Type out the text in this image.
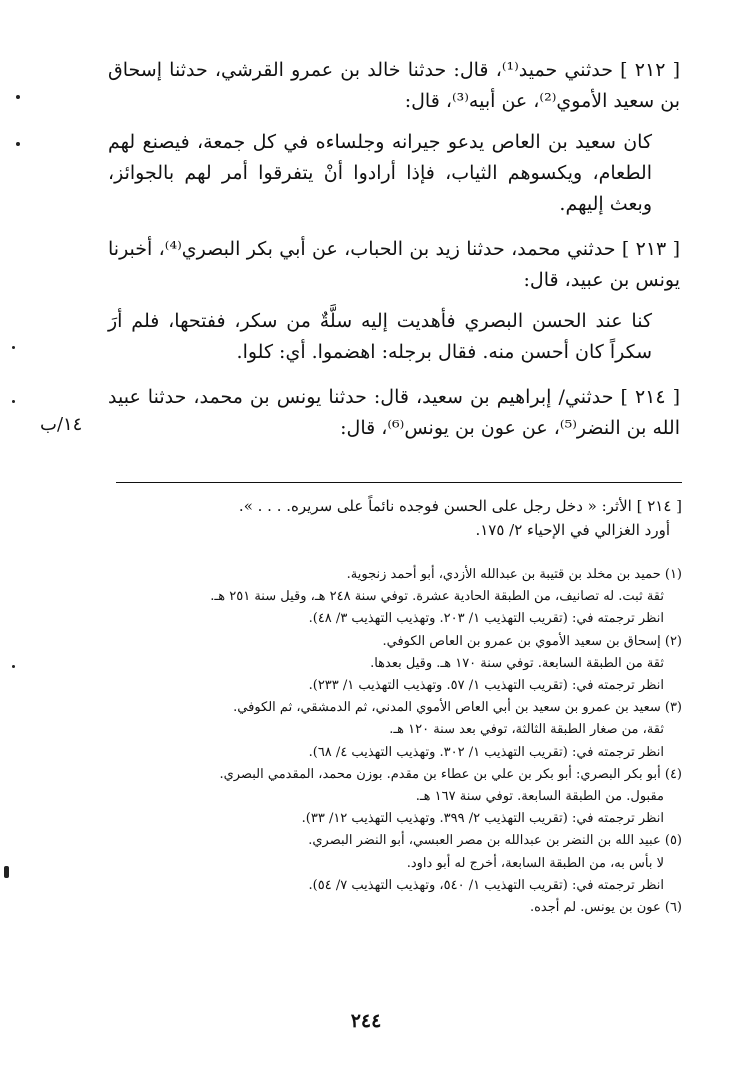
[ ٢١٢ ] حدثني حميد⁽¹⁾، قال: حدثنا خالد بن عمرو القرشي، حدثنا إسحاق بن سعيد الأموي⁽²⁾، عن أبيه⁽³⁾، قال:

كان سعيد بن العاص يدعو جيرانه وجلساءه في كل جمعة، فيصنع لهم الطعام، ويكسوهم الثياب، فإذا أرادوا أنْ يتفرقوا أمر لهم بالجوائز، وبعث إليهم.

[ ٢١٣ ] حدثني محمد، حدثنا زيد بن الحباب، عن أبي بكر البصري⁽⁴⁾، أخبرنا يونس بن عبيد، قال:

كنا عند الحسن البصري فأهديت إليه سلَّةٌ من سكر، ففتحها، فلم أرَ سكراً كان أحسن منه. فقال برجله: اهضموا. أي: كلوا.

[ ٢١٤ ] حدثني/ إبراهيم بن سعيد، قال: حدثنا يونس بن محمد، حدثنا عبيد الله بن النضر⁽⁵⁾، عن عون بن يونس⁽⁶⁾، قال:

١٤/ب
[ ٢١٤ ] الأثر: « دخل رجل على الحسن فوجده نائماً على سريره. . . . ».
أورد الغزالي في الإحياء ٢/ ١٧٥.
(١) حميد بن مخلد بن قتيبة بن عبدالله الأزدي، أبو أحمد زنجوية.
ثقة ثبت. له تصانيف، من الطبقة الحادية عشرة. توفي سنة ٢٤٨ هـ، وقيل سنة ٢٥١ هـ.
انظر ترجمته في: (تقريب التهذيب ١/ ٢٠٣. وتهذيب التهذيب ٣/ ٤٨).
(٢) إسحاق بن سعيد الأموي بن عمرو بن العاص الكوفي.
ثقة من الطبقة السابعة. توفي سنة ١٧٠ هـ. وقيل بعدها.
انظر ترجمته في: (تقريب التهذيب ١/ ٥٧. وتهذيب التهذيب ١/ ٢٣٣).
(٣) سعيد بن عمرو بن سعيد بن أبي العاص الأموي المدني، ثم الدمشقي، ثم الكوفي.
ثقة، من صغار الطبقة الثالثة، توفي بعد سنة ١٢٠ هـ.
انظر ترجمته في: (تقريب التهذيب ١/ ٣٠٢. وتهذيب التهذيب ٤/ ٦٨).
(٤) أبو بكر البصري: أبو بكر بن علي بن عطاء بن مقدم. بوزن محمد، المقدمي البصري.
مقبول. من الطبقة السابعة. توفي سنة ١٦٧ هـ.
انظر ترجمته في: (تقريب التهذيب ٢/ ٣٩٩. وتهذيب التهذيب ١٢/ ٣٣).
(٥) عبيد الله بن النضر بن عبدالله بن مصر العبسي، أبو النضر البصري.
لا بأس به، من الطبقة السابعة، أخرج له أبو داود.
انظر ترجمته في: (تقريب التهذيب ١/ ٥٤٠، وتهذيب التهذيب ٧/ ٥٤).
(٦) عون بن يونس. لم أجده.
٢٤٤
